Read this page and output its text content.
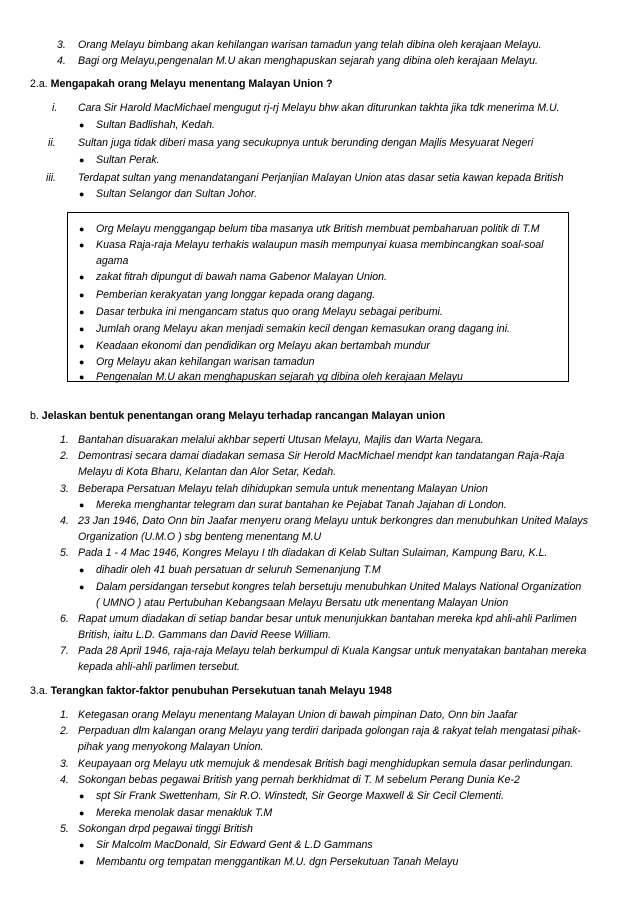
3. Orang Melayu bimbang akan kehilangan warisan tamadun yang telah dibina oleh kerajaan Melayu.
4. Bagi org Melayu,pengenalan M.U akan menghapuskan sejarah yang dibina oleh kerajaan Melayu.
2.a. Mengapakah orang Melayu menentang Malayan Union ?
i. Cara Sir Harold MacMichael mengugut rj-rj Melayu bhw akan diturunkan takhta jika tdk menerima M.U.
● Sultan Badlishah, Kedah.
ii. Sultan juga tidak diberi masa yang secukupnya untuk berunding dengan Majlis Mesyuarat Negeri
● Sultan Perak.
iii. Terdapat sultan yang menandatangani Perjanjian Malayan Union atas dasar setia kawan kepada British
● Sultan Selangor dan Sultan Johor.
● Org Melayu menggangap belum tiba masanya utk British membuat pembaharuan politik di T.M
● Kuasa Raja-raja Melayu terhakis walaupun masih mempunyai kuasa membincangkan soal-soal
agama
● zakat fitrah dipungut di bawah nama Gabenor Malayan Union.
● Pemberian kerakyatan yang longgar kepada orang dagang.
● Dasar terbuka ini mengancam status quo orang Melayu sebagai peribumi.
● Jumlah orang Melayu akan menjadi semakin kecil dengan kemasukan orang dagang ini.
● Keadaan ekonomi dan pendidikan org Melayu akan bertambah mundur
● Org Melayu akan kehilangan warisan tamadun
● Pengenalan M.U akan menghapuskan sejarah yg dibina oleh kerajaan Melayu
b. Jelaskan bentuk penentangan orang Melayu terhadap rancangan Malayan union
1. Bantahan disuarakan melalui akhbar seperti Utusan Melayu, Majlis dan Warta Negara.
2. Demontrasi secara damai diadakan semasa Sir Herold MacMichael mendpt kan tandatangan Raja-Raja
Melayu di Kota Bharu, Kelantan dan Alor Setar, Kedah.
3. Beberapa Persatuan Melayu telah dihidupkan semula untuk menentang Malayan Union
● Mereka menghantar telegram dan surat bantahan ke Pejabat Tanah Jajahan di London.
4. 23 Jan 1946, Dato Onn bin Jaafar menyeru orang Melayu untuk berkongres dan menubuhkan United Malays
Organization (U.M.O ) sbg benteng menentang M.U
5. Pada 1 - 4 Mac 1946, Kongres Melayu I tlh diadakan di Kelab Sultan Sulaiman, Kampung Baru, K.L.
● dihadir oleh 41 buah persatuan dr seluruh Semenanjung T.M
● Dalam persidangan tersebut kongres telah bersetuju menubuhkan United Malays National Organization
( UMNO ) atau Pertubuhan Kebangsaan Melayu Bersatu utk menentang Malayan Union
6. Rapat umum diadakan di setiap bandar besar untuk menunjukkan bantahan mereka kpd ahli-ahli Parlimen
British, iaitu L.D. Gammans dan David Reese William.
7. Pada 28 April 1946, raja-raja Melayu telah berkumpul di Kuala Kangsar untuk menyatakan bantahan mereka
kepada ahli-ahli parlimen tersebut.
3.a. Terangkan faktor-faktor penubuhan Persekutuan tanah Melayu 1948
1. Ketegasan orang Melayu menentang Malayan Union di bawah pimpinan Dato, Onn bin Jaafar
2. Perpaduan dlm kalangan orang Melayu yang terdiri daripada golongan raja & rakyat telah mengatasi pihak-
pihak yang menyokong Malayan Union.
3. Keupayaan org Melayu utk memujuk & mendesak British bagi menghidupkan semula dasar perlindungan.
4. Sokongan bebas pegawai British yang pernah berkhidmat di T. M sebelum Perang Dunia Ke-2
● spt Sir Frank Swettenham, Sir R.O. Winstedt, Sir George Maxwell & Sir Cecil Clementi.
● Mereka menolak dasar menakluk T.M
5. Sokongan drpd pegawai tinggi British
● Sir Malcolm MacDonald, Sir Edward Gent & L.D Gammans
● Membantu org tempatan menggantikan M.U. dgn Persekutuan Tanah Melayu
